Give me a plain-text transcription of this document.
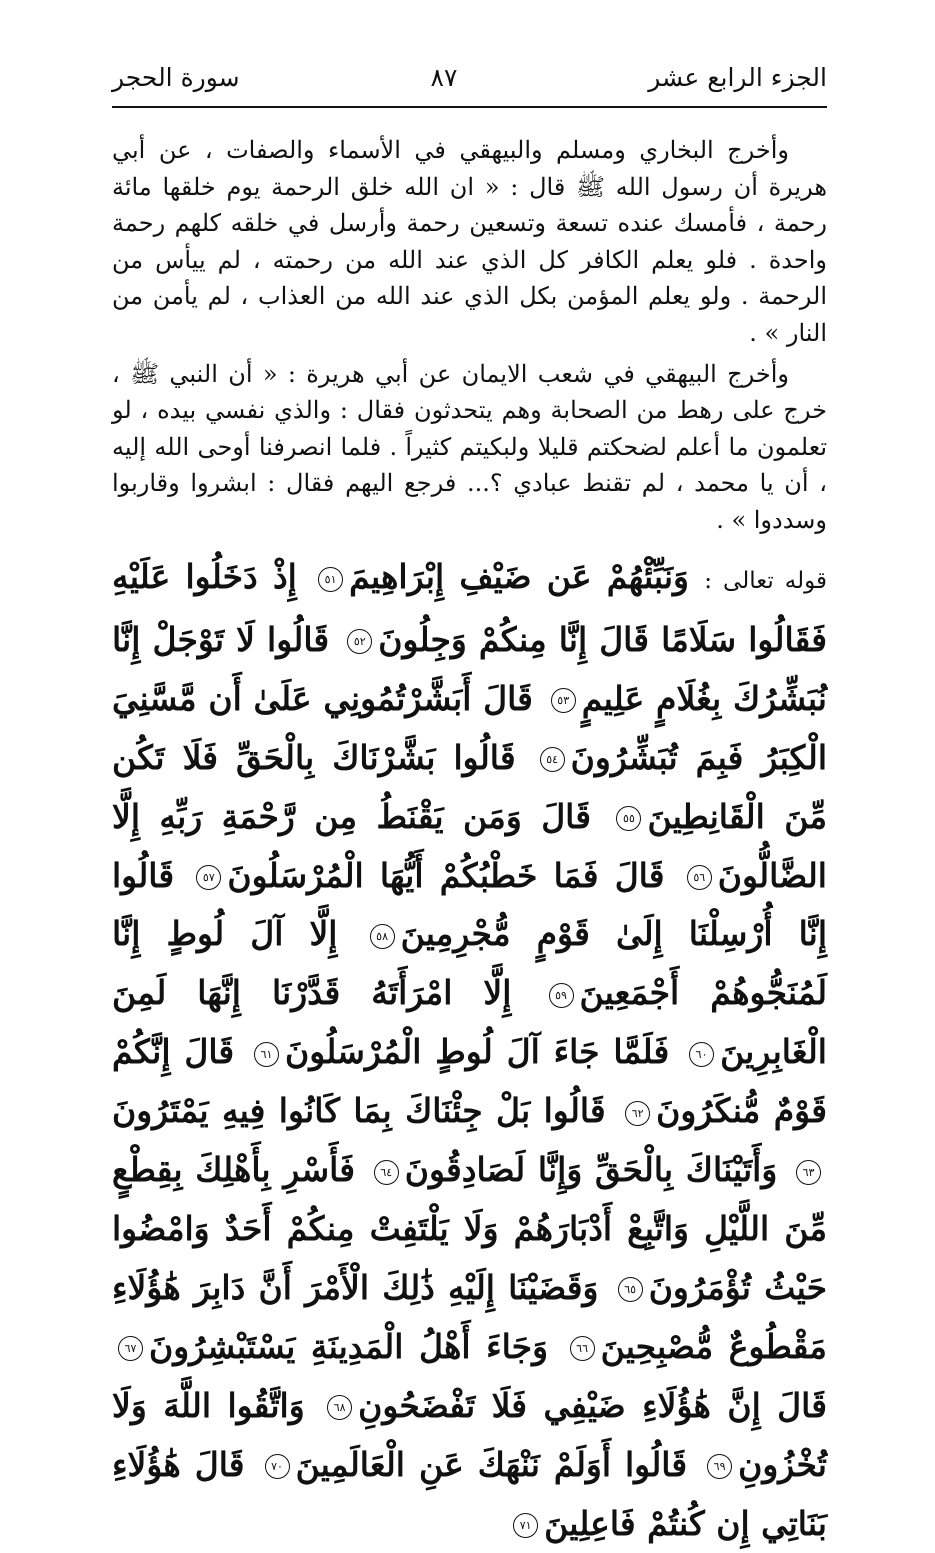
الجزء الرابع عشر
٨٧
سورة الحجر

وأخرج البخاري ومسلم والبيهقي في الأسماء والصفات ، عن أبي هريرة أن رسول الله ﷺ قال : « ان الله خلق الرحمة يوم خلقها مائة رحمة ، فأمسك عنده تسعة وتسعين رحمة وأرسل في خلقه كلهم رحمة واحدة . فلو يعلم الكافر كل الذي عند الله من رحمته ، لم ييأس من الرحمة . ولو يعلم المؤمن بكل الذي عند الله من العذاب ، لم يأمن من النار » .

وأخرج البيهقي في شعب الايمان عن أبي هريرة : « أن النبي ﷺ ، خرج على رهط من الصحابة وهم يتحدثون فقال : والذي نفسي بيده ، لو تعلمون ما أعلم لضحكتم قليلا ولبكيتم كثيراً . فلما انصرفنا أوحى الله إليه ، أن يا محمد ، لم تقنط عبادي ؟... فرجع اليهم فقال : ابشروا وقاربوا وسددوا » .

قوله تعالى : وَنَبِّئْهُمْ عَن ضَيْفِ إِبْرَاهِيمَ٥١ إِذْ دَخَلُوا عَلَيْهِ فَقَالُوا سَلَامًا قَالَ إِنَّا مِنكُمْ وَجِلُونَ٥٢ قَالُوا لَا تَوْجَلْ إِنَّا نُبَشِّرُكَ بِغُلَامٍ عَلِيمٍ٥٣ قَالَ أَبَشَّرْتُمُونِي عَلَىٰ أَن مَّسَّنِيَ الْكِبَرُ فَبِمَ تُبَشِّرُونَ٥٤ قَالُوا بَشَّرْنَاكَ بِالْحَقِّ فَلَا تَكُن مِّنَ الْقَانِطِينَ٥٥ قَالَ وَمَن يَقْنَطُ مِن رَّحْمَةِ رَبِّهِ إِلَّا الضَّالُّونَ٥٦ قَالَ فَمَا خَطْبُكُمْ أَيُّهَا الْمُرْسَلُونَ٥٧ قَالُوا إِنَّا أُرْسِلْنَا إِلَىٰ قَوْمٍ مُّجْرِمِينَ٥٨ إِلَّا آلَ لُوطٍ إِنَّا لَمُنَجُّوهُمْ أَجْمَعِينَ٥٩ إِلَّا امْرَأَتَهُ قَدَّرْنَا إِنَّهَا لَمِنَ الْغَابِرِينَ٦٠ فَلَمَّا جَاءَ آلَ لُوطٍ الْمُرْسَلُونَ٦١ قَالَ إِنَّكُمْ قَوْمٌ مُّنكَرُونَ٦٢ قَالُوا بَلْ جِئْنَاكَ بِمَا كَانُوا فِيهِ يَمْتَرُونَ٦٣ وَأَتَيْنَاكَ بِالْحَقِّ وَإِنَّا لَصَادِقُونَ٦٤ فَأَسْرِ بِأَهْلِكَ بِقِطْعٍ مِّنَ اللَّيْلِ وَاتَّبِعْ أَدْبَارَهُمْ وَلَا يَلْتَفِتْ مِنكُمْ أَحَدٌ وَامْضُوا حَيْثُ تُؤْمَرُونَ٦٥ وَقَضَيْنَا إِلَيْهِ ذَٰلِكَ الْأَمْرَ أَنَّ دَابِرَ هَٰؤُلَاءِ مَقْطُوعٌ مُّصْبِحِينَ٦٦ وَجَاءَ أَهْلُ الْمَدِينَةِ يَسْتَبْشِرُونَ٦٧ قَالَ إِنَّ هَٰؤُلَاءِ ضَيْفِي فَلَا تَفْضَحُونِ٦٨ وَاتَّقُوا اللَّهَ وَلَا تُخْزُونِ٦٩ قَالُوا أَوَلَمْ نَنْهَكَ عَنِ الْعَالَمِينَ٧٠ قَالَ هَٰؤُلَاءِ بَنَاتِي إِن كُنتُمْ فَاعِلِينَ٧١
